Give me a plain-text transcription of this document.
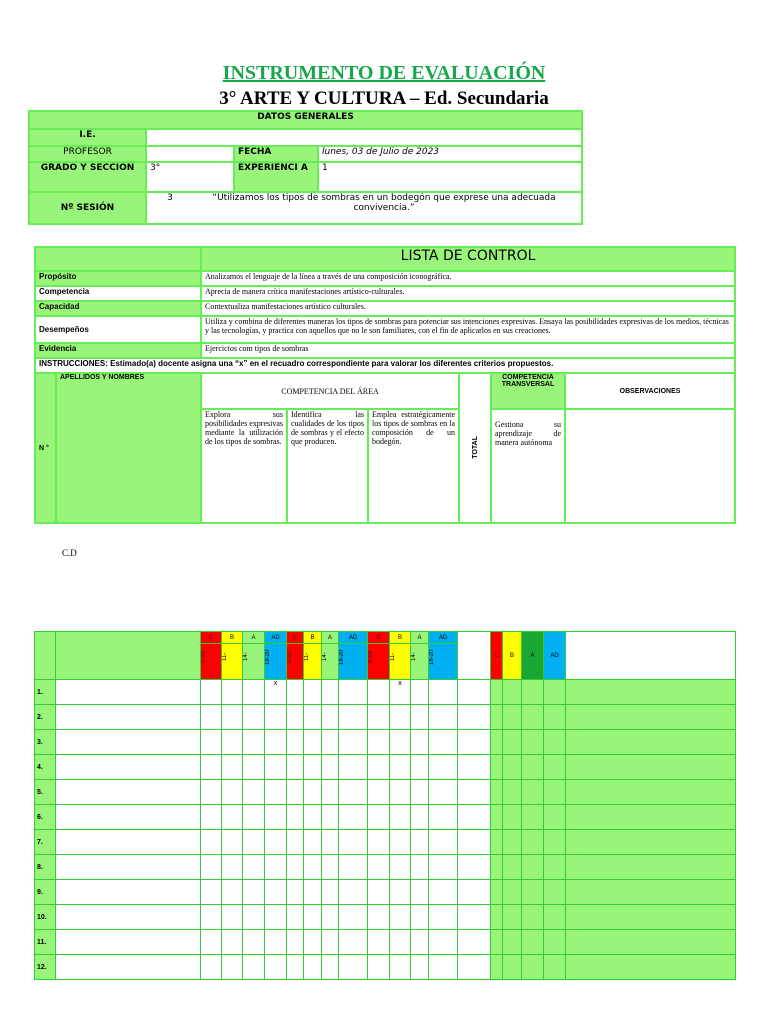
INSTRUMENTO DE EVALUACIÓN
3° ARTE Y CULTURA – Ed. Secundaria
DATOS GENERALES			
I.E.			
PROFESOR		FECHA	lunes, 03 de Julio de 2023
GRADO Y SECCIÓN	3°	EXPERIENCI A	1
Nº SESIÓN	3 “Utilizamos los tipos de sombras en un bodegón que exprese una adecuada convivencia.”		
		LISTA DE CONTROL					
Propósito		Analizamos el lenguaje de la línea a través de una composición iconográfica.					
Competencia		Aprecia de manera crítica manifestaciones artístico-culturales.					
Capacidad		Contextualiza manifestaciones artístico culturales.					
Desempeños		Utiliza y combina de diferentes maneras los tipos de sombras para potenciar sus intenciones expresivas. Ensaya las posibilidades expresivas de los medios, técnicas y las tecnologías, y practica con aquellos que no le son familiares, con el fin de aplicarlos en sus creaciones.					
Evidencia		Ejercicios com tipos de sombras					
INSTRUCCIONES: Estimado(a) docente asigna una “x” en el recuadro correspondiente para valorar los diferentes criterios propuestos.							
N °	APELLIDOS Y NOMBRES	COMPETENCIA DEL ÁREA			TOTAL	COMPETENCIA TRANSVERSAL	OBSERVACIONES
		Explora sus posibilidades expresivas mediante la utilización de los tipos de sombras.	Identifica las cualidades de los tipos de sombras y el efecto que producen.	Emplea estratégicamente los tipos de sombras en la composición de un bodegón.		Gestiona su aprendizaje de manera autónoma	
C.D
		C	B	A	AD	C	B	A	AD	C	B	A	AD		C	B	A	AD	

		0-10	11-	14-	18-20	0-10	11-	14-	18-20	0-10	11-	14-	18-20						

1.					x						x								
2.																			
3.																			
4.																			
5.																			
6.																			
7.																			
8.																			
9.																			
10.																			
11.																			
12.																			
